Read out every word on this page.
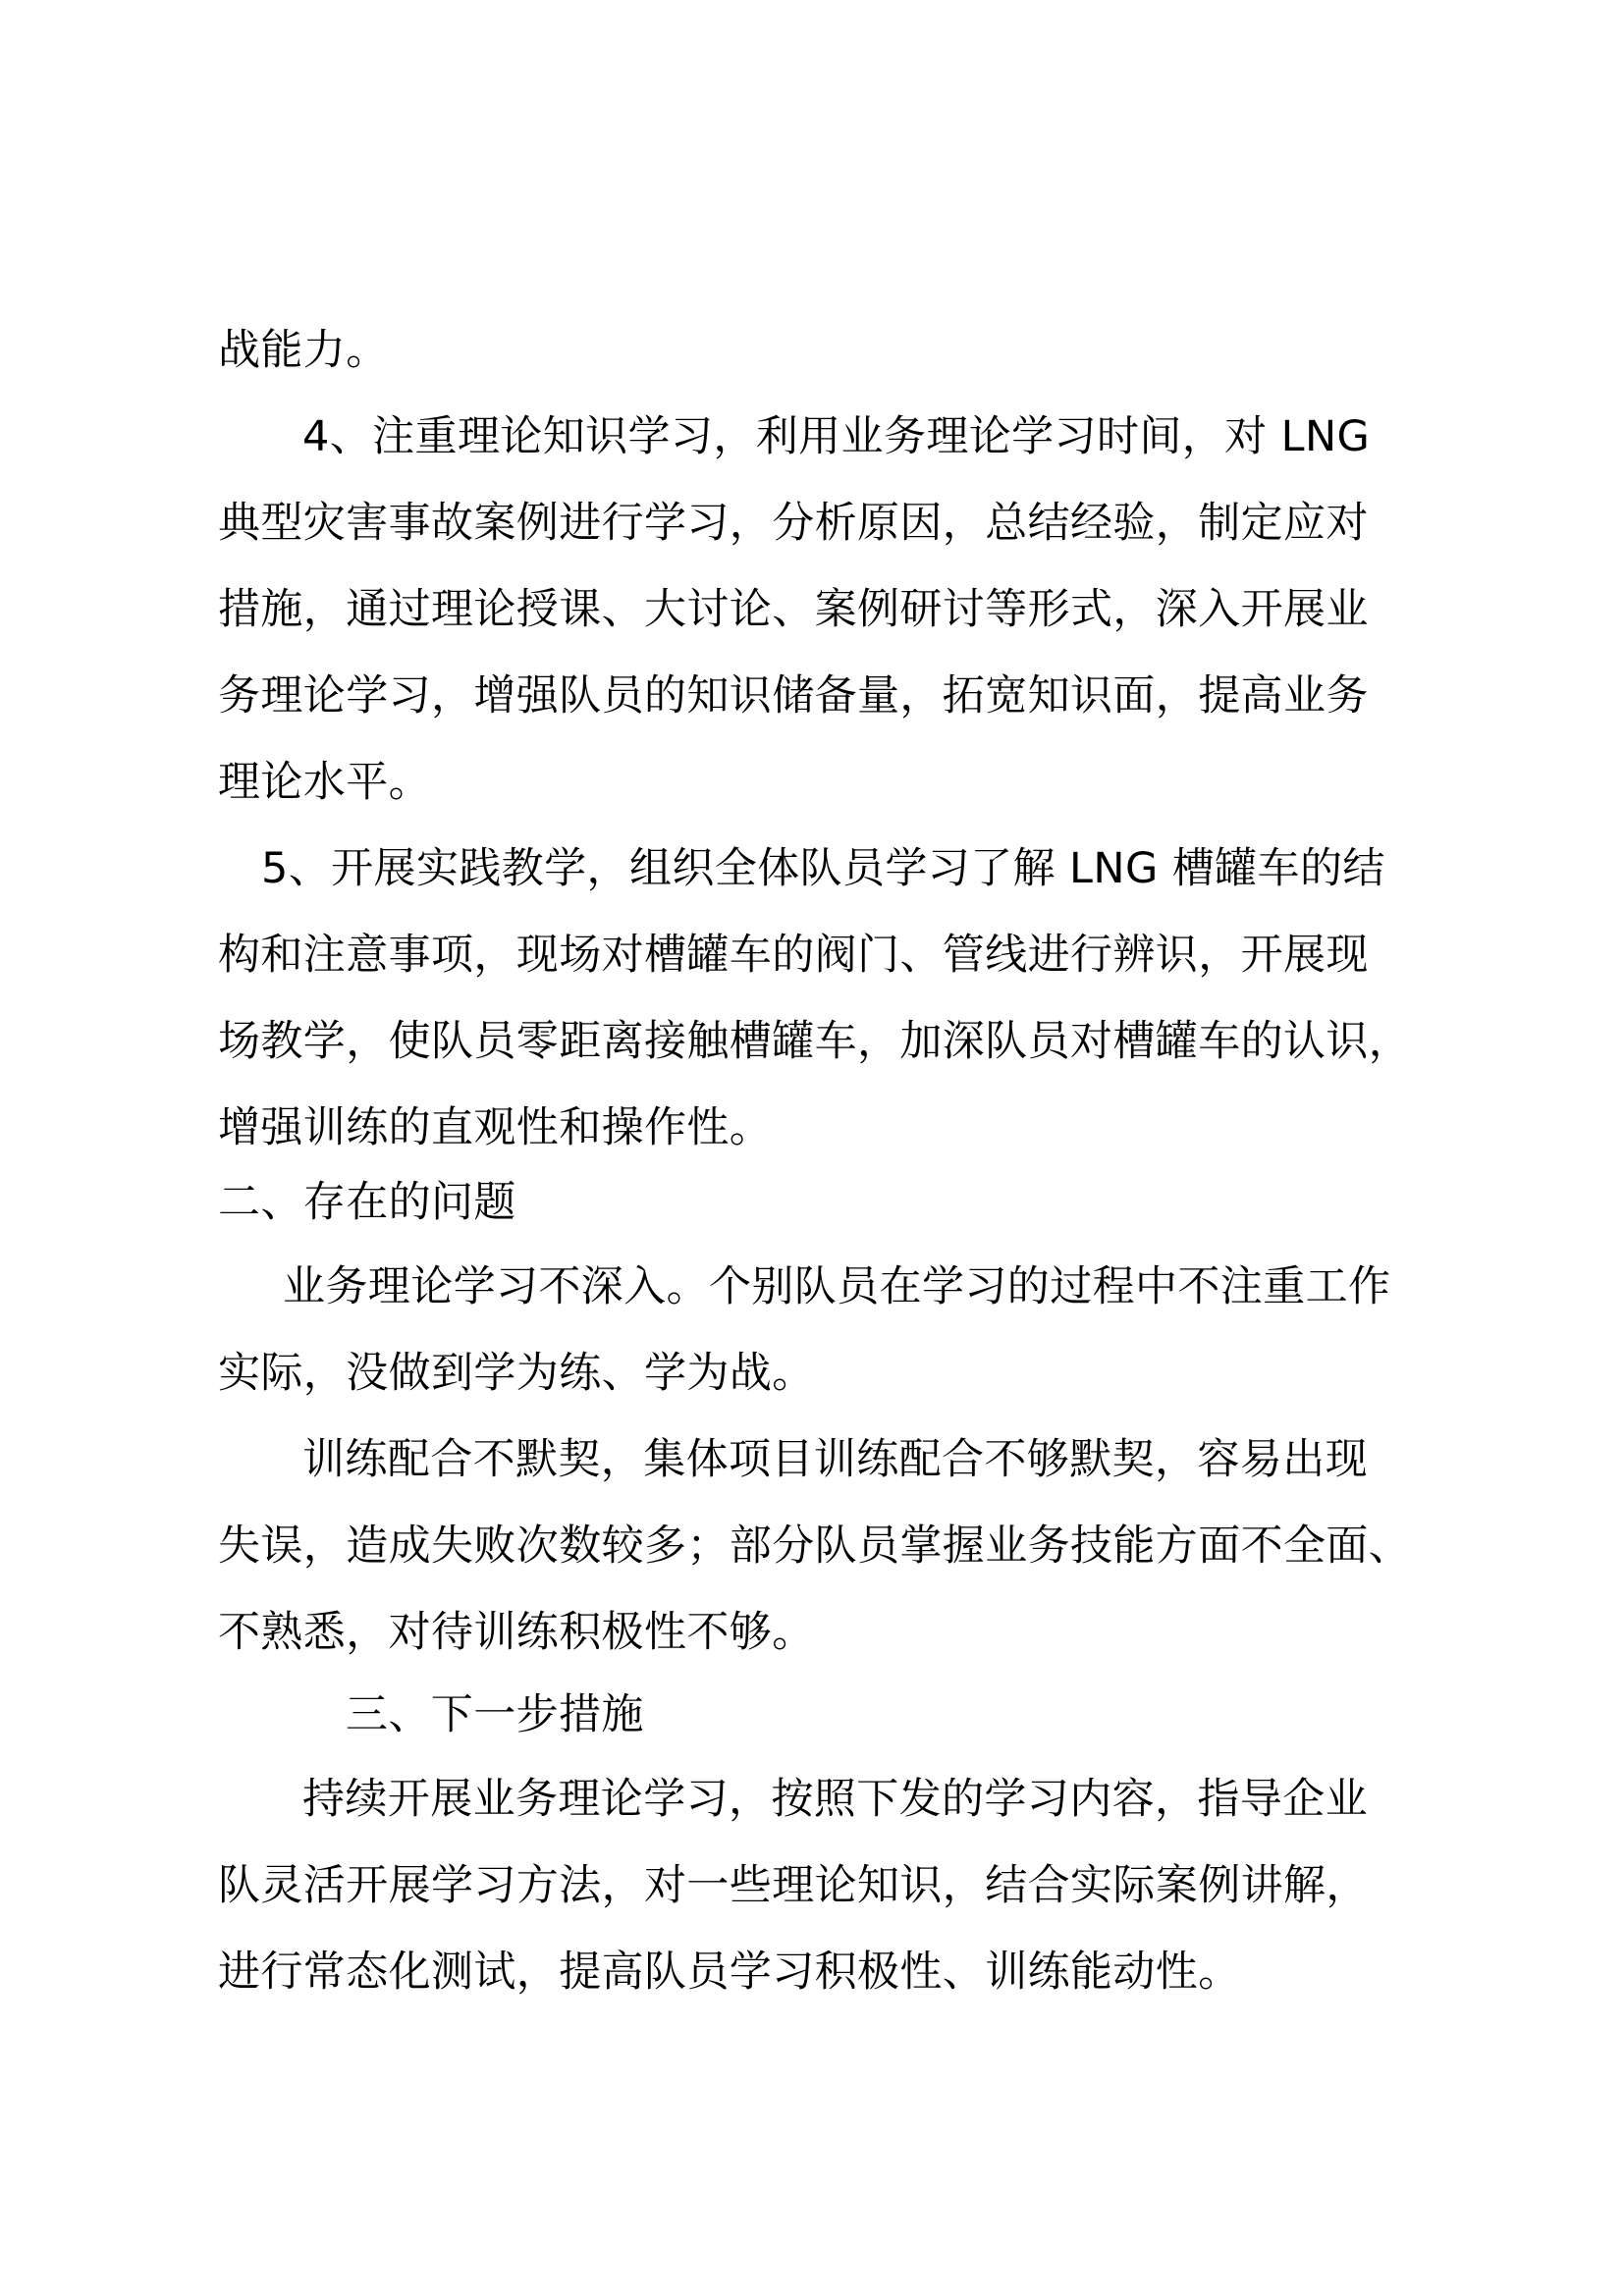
战能力。
4、注重理论知识学习，利用业务理论学习时间，对 LNG
典型灾害事故案例进行学习，分析原因，总结经验，制定应对
措施，通过理论授课、大讨论、案例研讨等形式，深入开展业
务理论学习，增强队员的知识储备量，拓宽知识面，提高业务
理论水平。
5、开展实践教学，组织全体队员学习了解 LNG 槽罐车的结
构和注意事项，现场对槽罐车的阀门、管线进行辨识，开展现
场教学，使队员零距离接触槽罐车，加深队员对槽罐车的认识，
增强训练的直观性和操作性。
二、存在的问题
业务理论学习不深入。个别队员在学习的过程中不注重工作
实际，没做到学为练、学为战。
训练配合不默契，集体项目训练配合不够默契，容易出现
失误，造成失败次数较多；部分队员掌握业务技能方面不全面、
不熟悉，对待训练积极性不够。
三、下一步措施
持续开展业务理论学习，按照下发的学习内容，指导企业
队灵活开展学习方法，对一些理论知识，结合实际案例讲解，
进行常态化测试，提高队员学习积极性、训练能动性。
